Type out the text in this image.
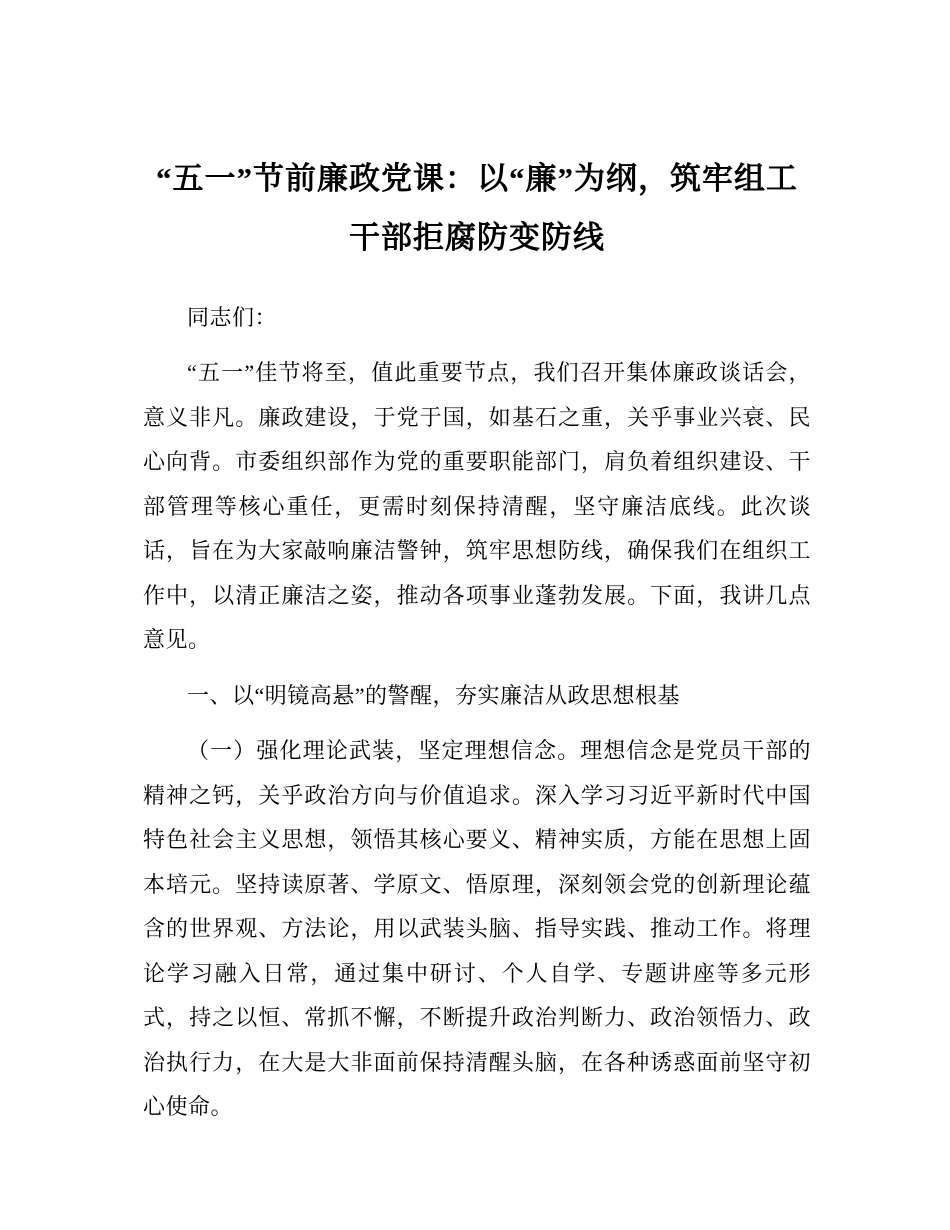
“五一”节前廉政党课：以“廉”为纲，筑牢组工干部拒腐防变防线

同志们：

“五一”佳节将至，值此重要节点，我们召开集体廉政谈话会，意义非凡。廉政建设，于党于国，如基石之重，关乎事业兴衰、民心向背。市委组织部作为党的重要职能部门，肩负着组织建设、干部管理等核心重任，更需时刻保持清醒，坚守廉洁底线。此次谈话，旨在为大家敲响廉洁警钟，筑牢思想防线，确保我们在组织工作中，以清正廉洁之姿，推动各项事业蓬勃发展。下面，我讲几点意见。

一、以“明镜高悬”的警醒，夯实廉洁从政思想根基

（一）强化理论武装，坚定理想信念。理想信念是党员干部的精神之钙，关乎政治方向与价值追求。深入学习习近平新时代中国特色社会主义思想，领悟其核心要义、精神实质，方能在思想上固本培元。坚持读原著、学原文、悟原理，深刻领会党的创新理论蕴含的世界观、方法论，用以武装头脑、指导实践、推动工作。将理论学习融入日常，通过集中研讨、个人自学、专题讲座等多元形式，持之以恒、常抓不懈，不断提升政治判断力、政治领悟力、政治执行力，在大是大非面前保持清醒头脑，在各种诱惑面前坚守初心使命。
